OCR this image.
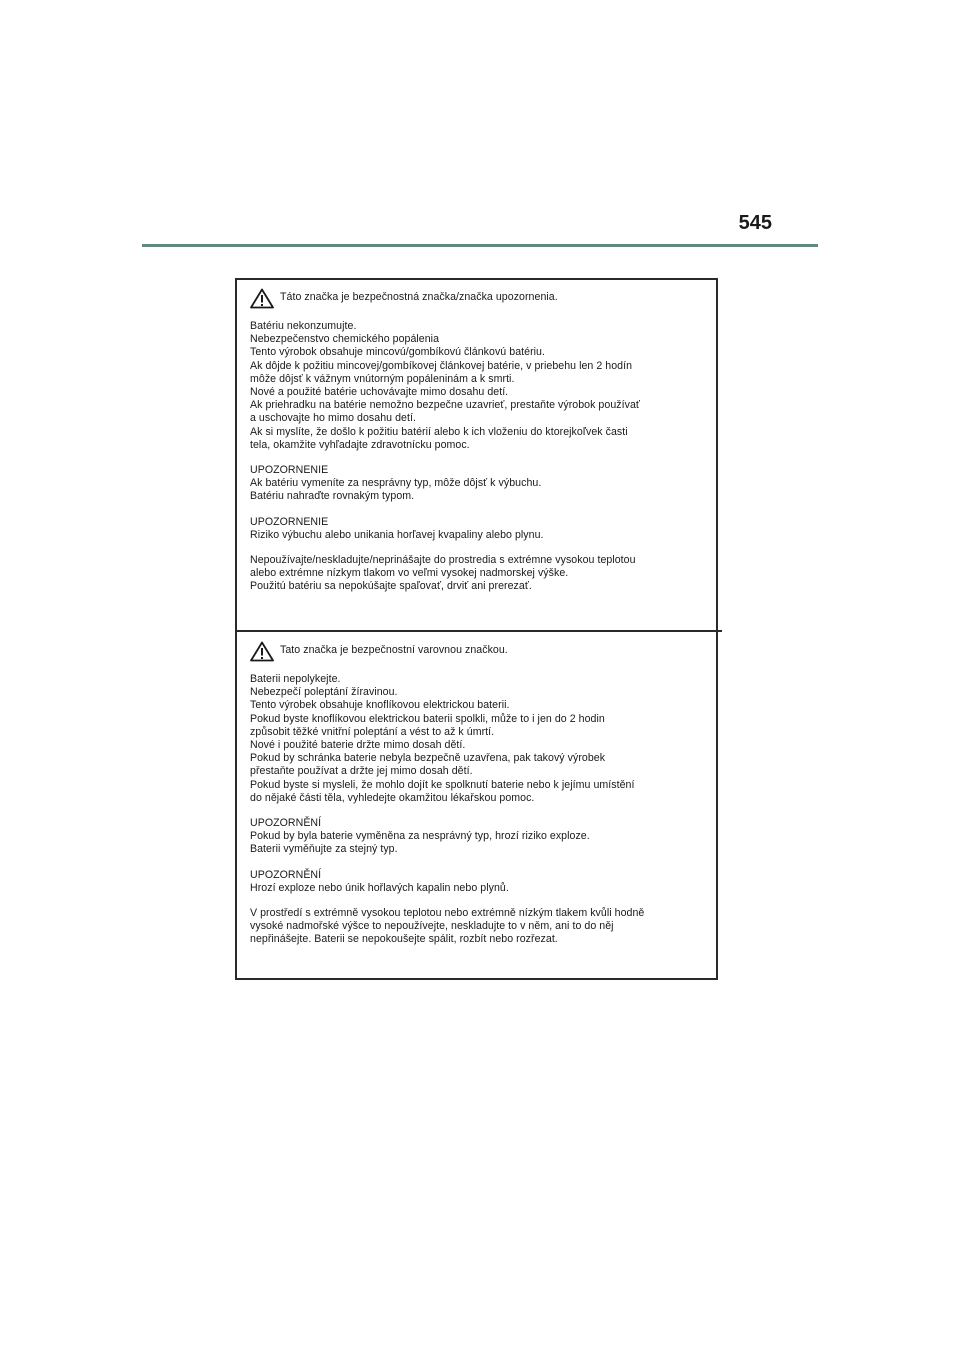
545
Táto značka je bezpečnostná značka/značka upozornenia.
Batériu nekonzumujte.
Nebezpečenstvo chemického popálenia
Tento výrobok obsahuje mincovú/gombíkovú článkovú batériu.
Ak dôjde k požitiu mincovej/gombíkovej článkovej batérie, v priebehu len 2 hodín
môže dôjsť k vážnym vnútorným popáleninám a k smrti.
Nové a použité batérie uchovávajte mimo dosahu detí.
Ak priehradku na batérie nemožno bezpečne uzavrieť, prestaňte výrobok používať
a uschovajte ho mimo dosahu detí.
Ak si myslíte, že došlo k požitiu batérií alebo k ich vloženiu do ktorejkoľvek časti
tela, okamžite vyhľadajte zdravotnícku pomoc.
UPOZORNENIE
Ak batériu vymeníte za nesprávny typ, môže dôjsť k výbuchu.
Batériu nahraďte rovnakým typom.
UPOZORNENIE
Riziko výbuchu alebo unikania horľavej kvapaliny alebo plynu.
Nepoužívajte/neskladujte/neprinášajte do prostredia s extrémne vysokou teplotou
alebo extrémne nízkym tlakom vo veľmi vysokej nadmorskej výške.
Použitú batériu sa nepokúšajte spaľovať, drviť ani prerezať.
Tato značka je bezpečnostní varovnou značkou.
Baterii nepolykejte.
Nebezpečí poleptání žíravinou.
Tento výrobek obsahuje knoflíkovou elektrickou baterii.
Pokud byste knoflíkovou elektrickou baterii spolkli, může to i jen do 2 hodin
způsobit těžké vnitřní poleptání a vést to až k úmrtí.
Nové i použité baterie držte mimo dosah dětí.
Pokud by schránka baterie nebyla bezpečně uzavřena, pak takový výrobek
přestaňte používat a držte jej mimo dosah dětí.
Pokud byste si mysleli, že mohlo dojít ke spolknutí baterie nebo k jejímu umístění
do nějaké části těla, vyhledejte okamžitou lékařskou pomoc.
UPOZORNĚNÍ
Pokud by byla baterie vyměněna za nesprávný typ, hrozí riziko exploze.
Baterii vyměňujte za stejný typ.
UPOZORNĚNÍ
Hrozí exploze nebo únik hořlavých kapalin nebo plynů.
V prostředí s extrémně vysokou teplotou nebo extrémně nízkým tlakem kvůli hodně
vysoké nadmořské výšce to nepoužívejte, neskladujte to v něm, ani to do něj
nepřinášejte. Baterii se nepokoušejte spálit, rozbít nebo rozřezat.
